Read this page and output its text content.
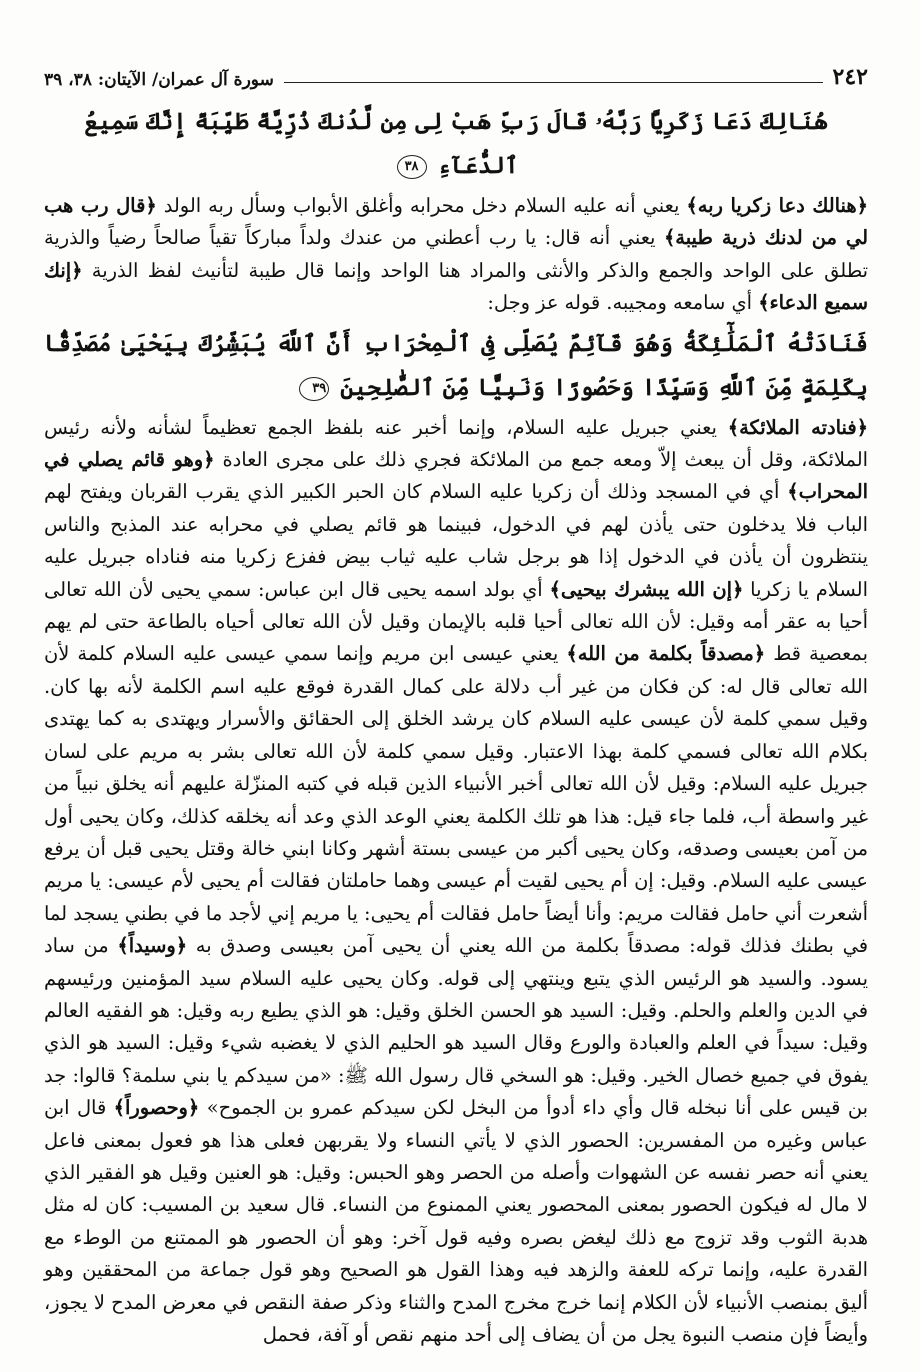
٢٤٢
سورة آل عمران/ الآيتان: ٣٨، ٣٩
هُنَالِكَ دَعَا زَكَرِيَّا رَبَّهُۥ قَالَ رَبِّ هَبْ لِى مِن لَّدُنكَ ذُرِّيَّةً طَيِّبَةً إِنَّكَ سَمِيعُ ٱلدُّعَآءِ ٣٨

﴿هنالك دعا زكريا ربه﴾ يعني أنه عليه السلام دخل محرابه وأغلق الأبواب وسأل ربه الولد ﴿قال رب هب لي من لدنك ذرية طيبة﴾ يعني أنه قال: يا رب أعطني من عندك ولداً مباركاً تقياً صالحاً رضياً والذرية تطلق على الواحد والجمع والذكر والأنثى والمراد هنا الواحد وإنما قال طيبة لتأنيث لفظ الذرية ﴿إنك سميع الدعاء﴾ أي سامعه ومجيبه. قوله عز وجل:

فَنَادَتْهُ ٱلْمَلَٰٓئِكَةُ وَهُوَ قَآئِمٌ يُصَلِّى فِى ٱلْمِحْرَابِ أَنَّ ٱللَّهَ يُبَشِّرُكَ بِيَحْيَىٰ مُصَدِّقًۢا بِكَلِمَةٍ مِّنَ ٱللَّهِ وَسَيِّدًا وَحَصُورًا وَنَبِيًّا مِّنَ ٱلصَّٰلِحِينَ ٣٩

﴿فنادته الملائكة﴾ يعني جبريل عليه السلام، وإنما أخبر عنه بلفظ الجمع تعظيماً لشأنه ولأنه رئيس الملائكة، وقل أن يبعث إلاّ ومعه جمع من الملائكة فجري ذلك على مجرى العادة ﴿وهو قائم يصلي في المحراب﴾ أي في المسجد وذلك أن زكريا عليه السلام كان الحبر الكبير الذي يقرب القربان ويفتح لهم الباب فلا يدخلون حتى يأذن لهم في الدخول، فبينما هو قائم يصلي في محرابه عند المذبح والناس ينتظرون أن يأذن في الدخول إذا هو برجل شاب عليه ثياب بيض ففزع زكريا منه فناداه جبريل عليه السلام يا زكريا ﴿إن الله يبشرك بيحيى﴾ أي بولد اسمه يحيى قال ابن عباس: سمي يحيى لأن الله تعالى أحيا به عقر أمه وقيل: لأن الله تعالى أحيا قلبه بالإيمان وقيل لأن الله تعالى أحياه بالطاعة حتى لم يهم بمعصية قط ﴿مصدقاً بكلمة من الله﴾ يعني عيسى ابن مريم وإنما سمي عيسى عليه السلام كلمة لأن الله تعالى قال له: كن فكان من غير أب دلالة على كمال القدرة فوقع عليه اسم الكلمة لأنه بها كان. وقيل سمي كلمة لأن عيسى عليه السلام كان يرشد الخلق إلى الحقائق والأسرار ويهتدى به كما يهتدى بكلام الله تعالى فسمي كلمة بهذا الاعتبار. وقيل سمي كلمة لأن الله تعالى بشر به مريم على لسان جبريل عليه السلام: وقيل لأن الله تعالى أخبر الأنبياء الذين قبله في كتبه المنزّلة عليهم أنه يخلق نبياً من غير واسطة أب، فلما جاء قيل: هذا هو تلك الكلمة يعني الوعد الذي وعد أنه يخلقه كذلك، وكان يحيى أول من آمن بعيسى وصدقه، وكان يحيى أكبر من عيسى بستة أشهر وكانا ابني خالة وقتل يحيى قبل أن يرفع عيسى عليه السلام. وقيل: إن أم يحيى لقيت أم عيسى وهما حاملتان فقالت أم يحيى لأم عيسى: يا مريم أشعرت أني حامل فقالت مريم: وأنا أيضاً حامل فقالت أم يحيى: يا مريم إني لأجد ما في بطني يسجد لما في بطنك فذلك قوله: مصدقاً بكلمة من الله يعني أن يحيى آمن بعيسى وصدق به ﴿وسيداً﴾ من ساد يسود. والسيد هو الرئيس الذي يتبع وينتهي إلى قوله. وكان يحيى عليه السلام سيد المؤمنين ورئيسهم في الدين والعلم والحلم. وقيل: السيد هو الحسن الخلق وقيل: هو الذي يطيع ربه وقيل: هو الفقيه العالم وقيل: سيداً في العلم والعبادة والورع وقال السيد هو الحليم الذي لا يغضبه شيء وقيل: السيد هو الذي يفوق في جميع خصال الخير. وقيل: هو السخي قال رسول الله ﷺ: «من سيدكم يا بني سلمة؟ قالوا: جد بن قيس على أنا نبخله قال وأي داء أدوأ من البخل لكن سيدكم عمرو بن الجموح» ﴿وحصوراً﴾ قال ابن عباس وغيره من المفسرين: الحصور الذي لا يأتي النساء ولا يقربهن فعلى هذا هو فعول بمعنى فاعل يعني أنه حصر نفسه عن الشهوات وأصله من الحصر وهو الحبس: وقيل: هو العنين وقيل هو الفقير الذي لا مال له فيكون الحصور بمعنى المحصور يعني الممنوع من النساء. قال سعيد بن المسيب: كان له مثل هدبة الثوب وقد تزوج مع ذلك ليغض بصره وفيه قول آخر: وهو أن الحصور هو الممتنع من الوطء مع القدرة عليه، وإنما تركه للعفة والزهد فيه وهذا القول هو الصحيح وهو قول جماعة من المحققين وهو أليق بمنصب الأنبياء لأن الكلام إنما خرج مخرج المدح والثناء وذكر صفة النقص في معرض المدح لا يجوز، وأيضاً فإن منصب النبوة يجل من أن يضاف إلى أحد منهم نقص أو آفة، فحمل
